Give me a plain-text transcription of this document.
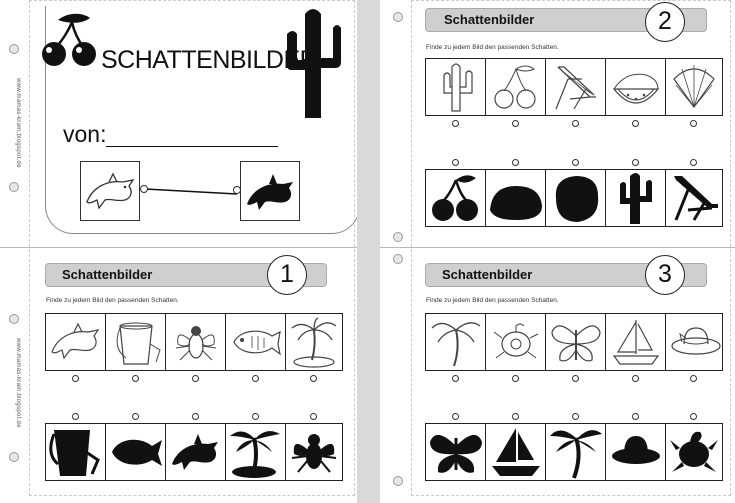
www.mamas-kram.blogspot.de
www.mamas-kram.blogspot.de
SCHATTENBILDER
von:
Schattenbilder	1
Finde zu jedem Bild den passenden Schatten.
Schattenbilder	2
Finde zu jedem Bild den passenden Schatten.
Schattenbilder	3
Finde zu jedem Bild den passenden Schatten.
